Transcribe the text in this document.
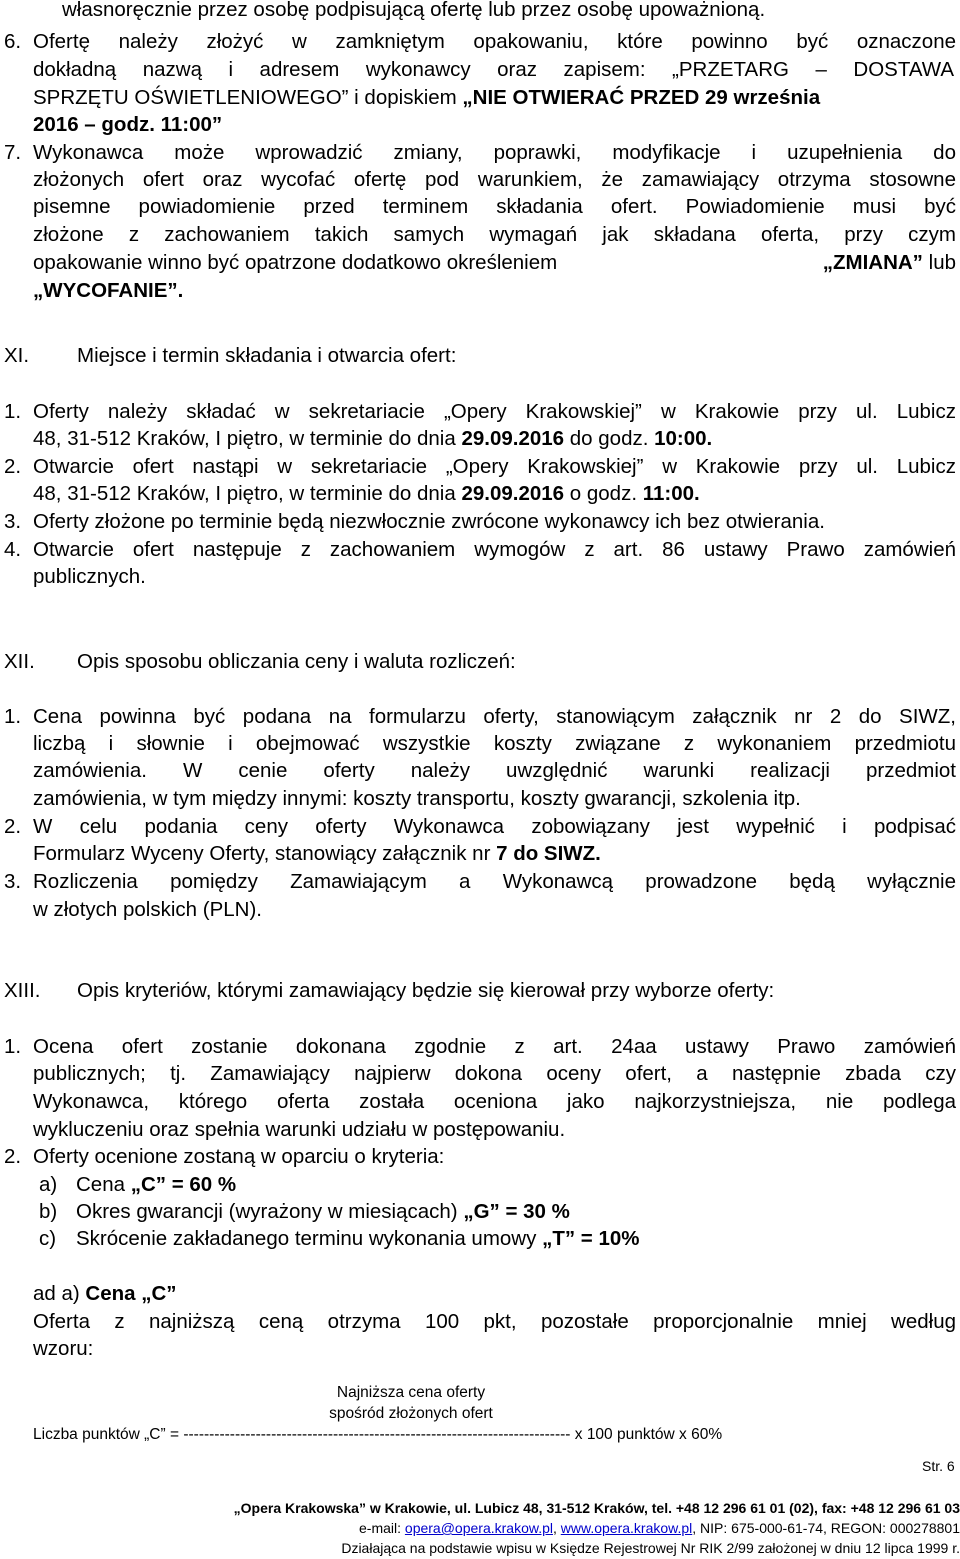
własnoręcznie przez osobę podpisującą ofertę lub przez osobę upoważnioną.
6. Ofertę należy złożyć w zamkniętym opakowaniu, które powinno być oznaczone
dokładną nazwą i adresem wykonawcy oraz zapisem: „PRZETARG – DOSTAWA
SPRZĘTU OŚWIETLENIOWEGO” i dopiskiem „NIE OTWIERAĆ PRZED 29 września
2016 – godz. 11:00”
7. Wykonawca może wprowadzić zmiany, poprawki, modyfikacje i uzupełnienia do
złożonych ofert oraz wycofać ofertę pod warunkiem, że zamawiający otrzyma stosowne
pisemne powiadomienie przed terminem składania ofert. Powiadomienie musi być
złożone z zachowaniem takich samych wymagań jak składana oferta, przy czym
opakowanie winno być opatrzone dodatkowo określeniem	„ZMIANA” lub
„WYCOFANIE”.
XI. Miejsce i termin składania i otwarcia ofert:
1. Oferty należy składać w sekretariacie „Opery Krakowskiej” w Krakowie przy ul. Lubicz
48, 31-512 Kraków, I piętro, w terminie do dnia 29.09.2016 do godz. 10:00.
2. Otwarcie ofert nastąpi w sekretariacie „Opery Krakowskiej” w Krakowie przy ul. Lubicz
48, 31-512 Kraków, I piętro, w terminie do dnia 29.09.2016 o godz. 11:00.
3. Oferty złożone po terminie będą niezwłocznie zwrócone wykonawcy ich bez otwierania.
4. Otwarcie ofert następuje z zachowaniem wymogów z art. 86 ustawy Prawo zamówień
publicznych.
XII. Opis sposobu obliczania ceny i waluta rozliczeń:
1. Cena powinna być podana na formularzu oferty, stanowiącym załącznik nr 2 do SIWZ,
liczbą i słownie i obejmować wszystkie koszty związane z wykonaniem przedmiotu
zamówienia. W cenie oferty należy uwzględnić warunki realizacji przedmiot
zamówienia, w tym między innymi: koszty transportu, koszty gwarancji, szkolenia itp.
2. W celu podania ceny oferty Wykonawca zobowiązany jest wypełnić i podpisać
Formularz Wyceny Oferty, stanowiący załącznik nr 7 do SIWZ.
3. Rozliczenia pomiędzy Zamawiającym a Wykonawcą prowadzone będą wyłącznie
w złotych polskich (PLN).
XIII. Opis kryteriów, którymi zamawiający będzie się kierował przy wyborze oferty:
1. Ocena ofert zostanie dokonana zgodnie z art. 24aa ustawy Prawo zamówień
publicznych; tj. Zamawiający najpierw dokona oceny ofert, a następnie zbada czy
Wykonawca, którego oferta została oceniona jako najkorzystniejsza, nie podlega
wykluczeniu oraz spełnia warunki udziału w postępowaniu.
2. Oferty ocenione zostaną w oparciu o kryteria:
a) Cena „C” = 60 %
b) Okres gwarancji (wyrażony w miesiącach) „G” = 30 %
c) Skrócenie zakładanego terminu wykonania umowy „T” = 10%
ad a) Cena „C”
Oferta z najniższą ceną otrzyma 100 pkt, pozostałe proporcjonalnie mniej według
wzoru:
Najniższa cena oferty
spośród złożonych ofert
Liczba punktów „C” = --------------------------------------------------------------------------- x 100 punktów x 60%
Str. 6
„Opera Krakowska” w Krakowie, ul. Lubicz 48, 31-512 Kraków, tel. +48 12 296 61 01 (02), fax: +48 12 296 61 03
e-mail: opera@opera.krakow.pl, www.opera.krakow.pl, NIP: 675-000-61-74, REGON: 000278801
Działająca na podstawie wpisu w Księdze Rejestrowej Nr RIK 2/99 założonej w dniu 12 lipca 1999 r.
